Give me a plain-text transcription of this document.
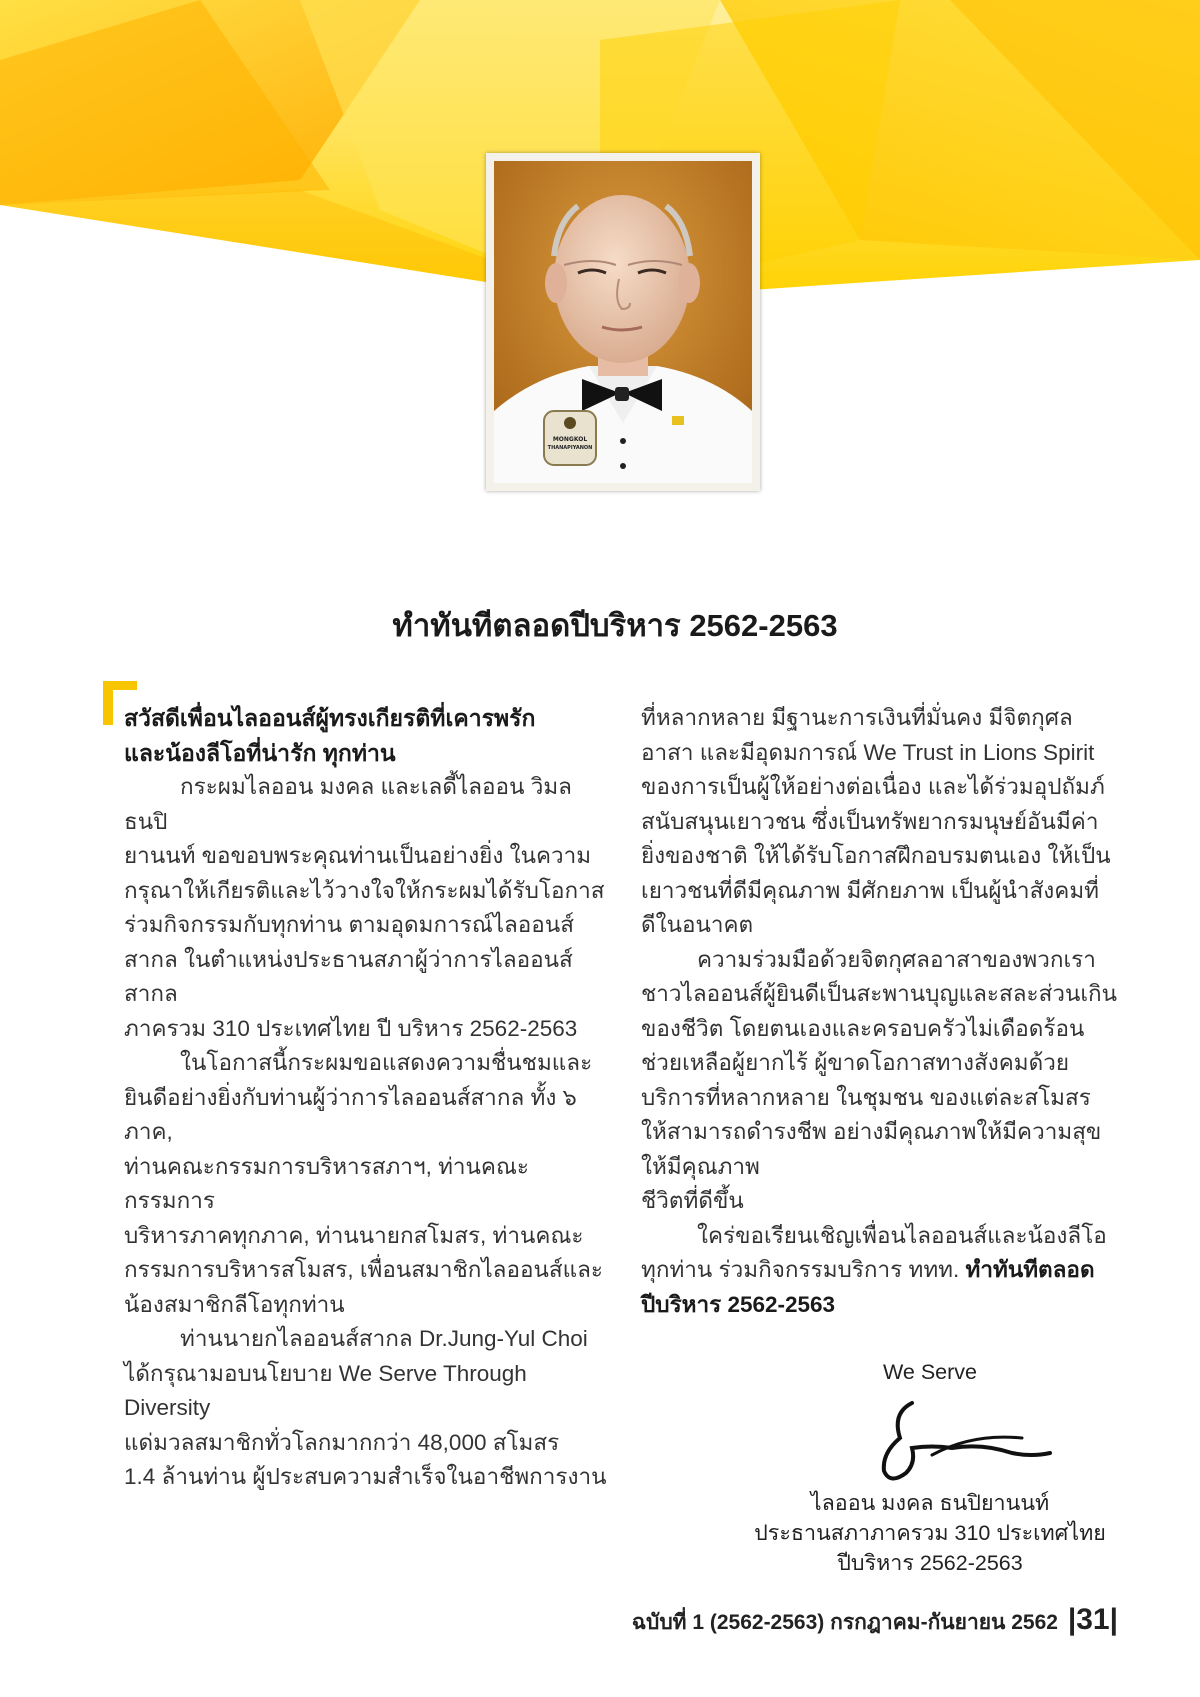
MONGKOL
THANAPIYANON
ทำทันทีตลอดปีบริหาร 2562-2563

สวัสดีเพื่อนไลออนส์ผู้ทรงเกียรติที่เคารพรัก

และน้องลีโอที่น่ารัก ทุกท่าน

กระผมไลออน มงคล และเลดี้ไลออน วิมลธนปิ

ยานนท์ ขอขอบพระคุณท่านเป็นอย่างยิ่ง ในความ

กรุณาให้เกียรติและไว้วางใจให้กระผมได้รับโอกาส

ร่วมกิจกรรมกับทุกท่าน ตามอุดมการณ์ไลออนส์

สากล ในตำแหน่งประธานสภาผู้ว่าการไลออนส์สากล

ภาครวม 310 ประเทศไทย ปี บริหาร 2562-2563

ในโอกาสนี้กระผมขอแสดงความชื่นชมและ

ยินดีอย่างยิ่งกับท่านผู้ว่าการไลออนส์สากล ทั้ง ๖ ภาค,

ท่านคณะกรรมการบริหารสภาฯ, ท่านคณะกรรมการ

บริหารภาคทุกภาค, ท่านนายกสโมสร, ท่านคณะ

กรรมการบริหารสโมสร, เพื่อนสมาชิกไลออนส์และ

น้องสมาชิกลีโอทุกท่าน

ท่านนายกไลออนส์สากล Dr.Jung-Yul Choi

ได้กรุณามอบนโยบาย We Serve Through Diversity

แด่มวลสมาชิกทั่วโลกมากกว่า 48,000 สโมสร

1.4 ล้านท่าน ผู้ประสบความสำเร็จในอาชีพการงาน

ที่หลากหลาย มีฐานะการเงินที่มั่นคง มีจิตกุศล

อาสา และมีอุดมการณ์ We Trust in Lions Spirit

ของการเป็นผู้ให้อย่างต่อเนื่อง และได้ร่วมอุปถัมภ์

สนับสนุนเยาวชน ซึ่งเป็นทรัพยากรมนุษย์อันมีค่า

ยิ่งของชาติ ให้ได้รับโอกาสฝึกอบรมตนเอง ให้เป็น

เยาวชนที่ดีมีคุณภาพ มีศักยภาพ เป็นผู้นำสังคมที่

ดีในอนาคต

ความร่วมมือด้วยจิตกุศลอาสาของพวกเรา

ชาวไลออนส์ผู้ยินดีเป็นสะพานบุญและสละส่วนเกิน

ของชีวิต โดยตนเองและครอบครัวไม่เดือดร้อน

ช่วยเหลือผู้ยากไร้ ผู้ขาดโอกาสทางสังคมด้วย

บริการที่หลากหลาย ในชุมชน ของแต่ละสโมสร

ให้สามารถดำรงชีพ อย่างมีคุณภาพให้มีความสุขให้มีคุณภาพ

ชีวิตที่ดีขึ้น

ใคร่ขอเรียนเชิญเพื่อนไลออนส์และน้องลีโอ

ทุกท่าน ร่วมกิจกรรมบริการ ททท. ทำทันทีตลอด

ปีบริหาร 2562-2563

We Serve
ไลออน มงคล ธนปิยานนท์
ประธานสภาภาครวม 310 ประเทศไทย
ปีบริหาร 2562-2563
ฉบับที่ 1 (2562-2563) กรกฎาคม-กันยายน 2562 |31|
